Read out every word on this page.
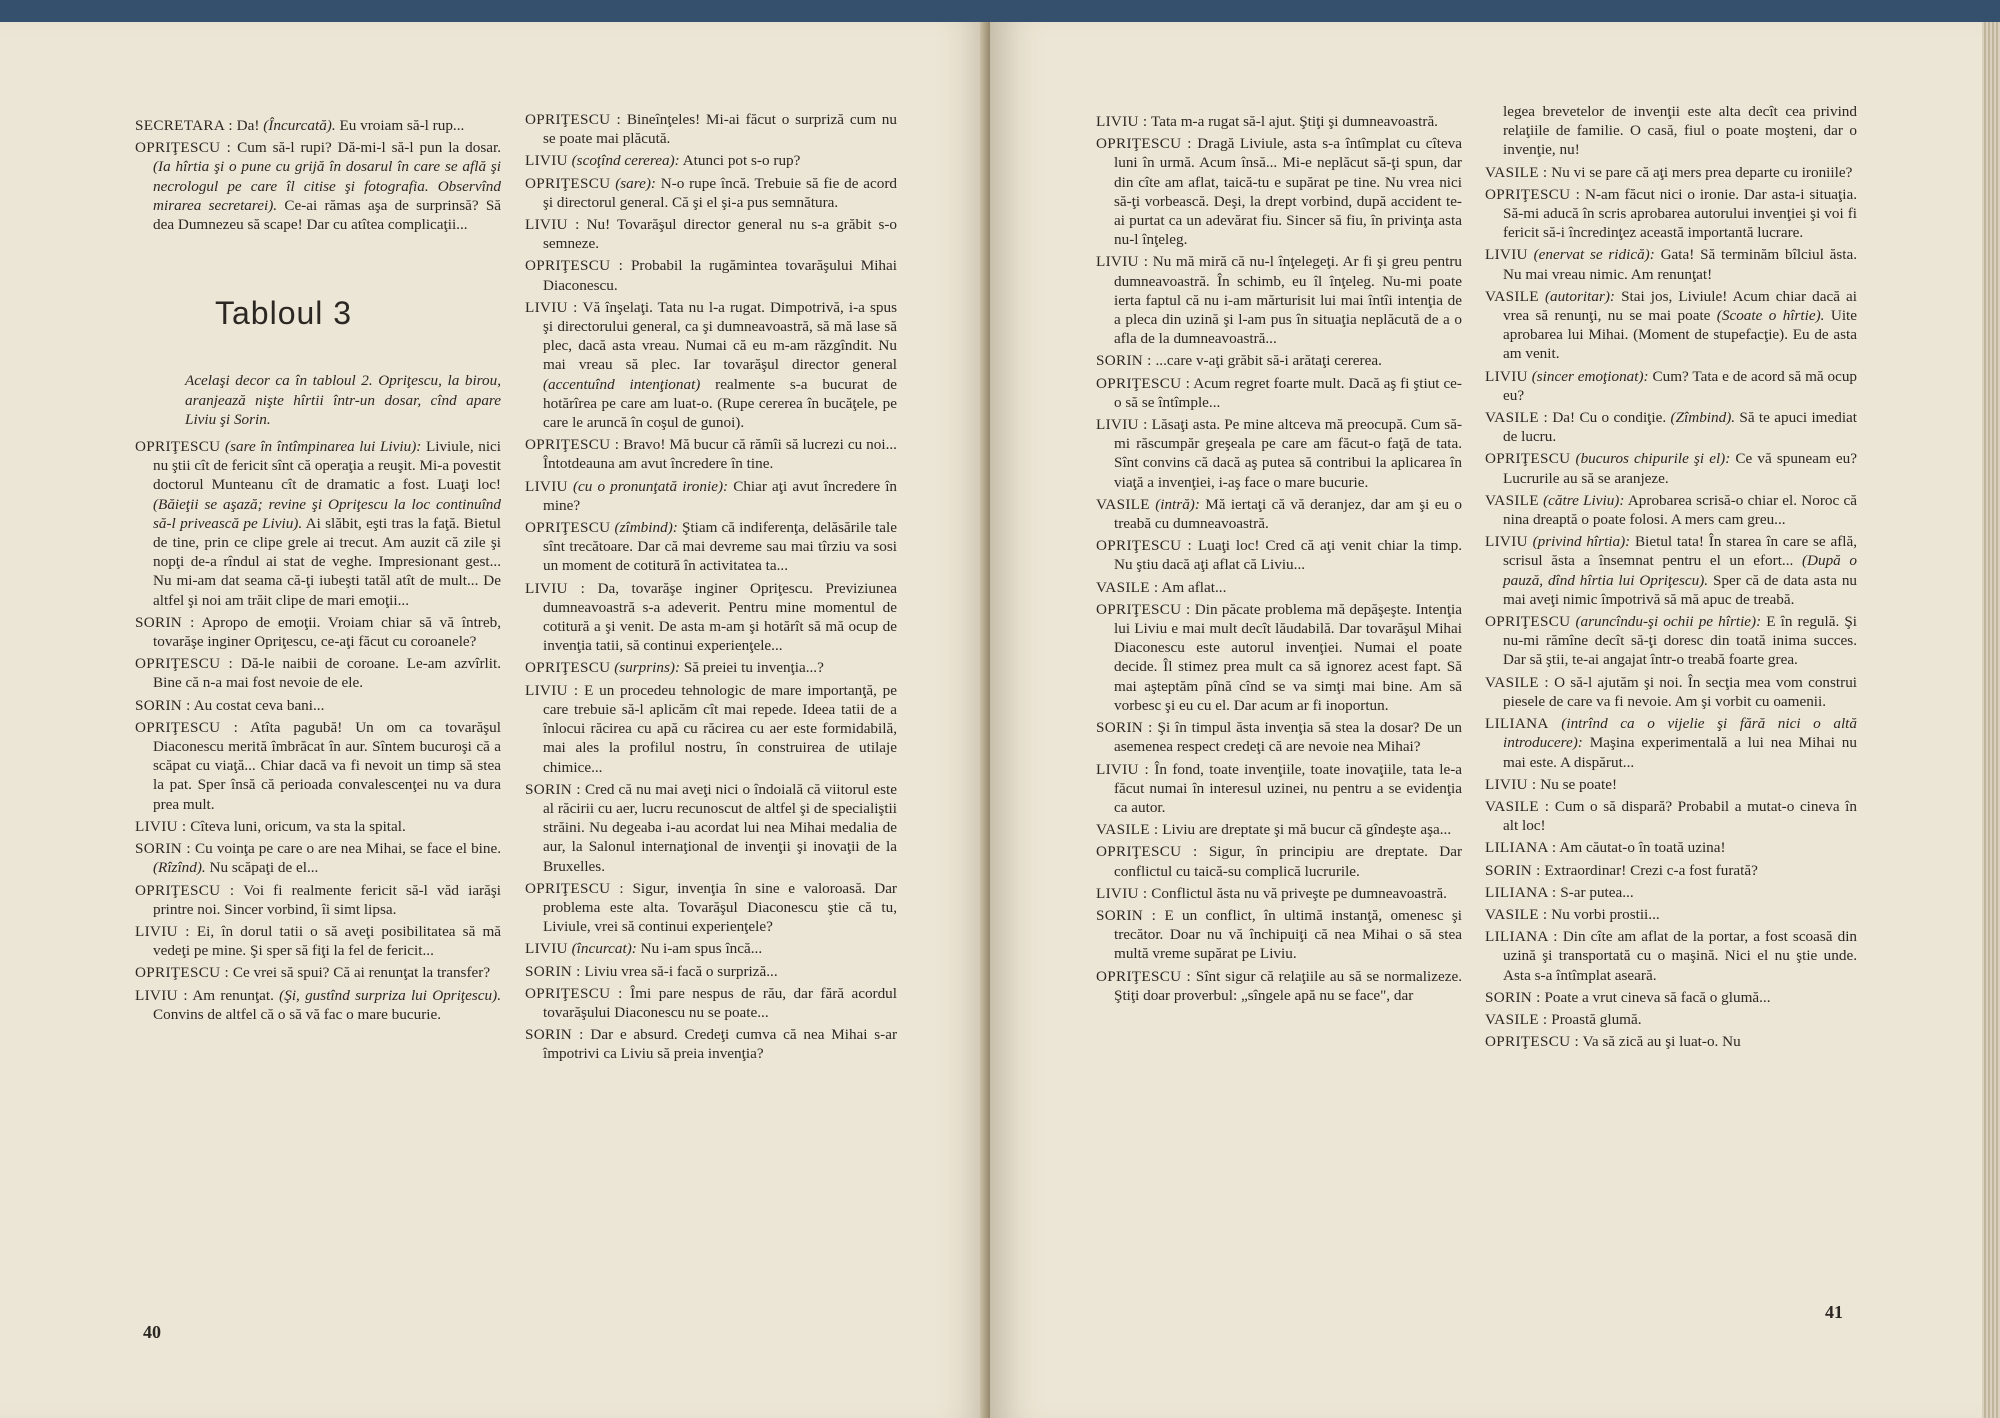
SECRETARA : Da! (Încurcată). Eu vroiam să-l rup...

OPRIŢESCU : Cum să-l rupi? Dă-mi-l să-l pun la dosar. (Ia hîrtia şi o pune cu grijă în dosarul în care se află şi necrologul pe care îl citise şi fotografia. Observînd mirarea secretarei). Ce-ai rămas aşa de surprinsă? Să dea Dumnezeu să scape! Dar cu atîtea complicaţii...

Tabloul 3

Acelaşi decor ca în tabloul 2. Opriţescu, la birou, aranjează nişte hîrtii într-un dosar, cînd apare Liviu şi Sorin.

OPRIŢESCU (sare în întîmpinarea lui Liviu): Liviule, nici nu ştii cît de fericit sînt că operaţia a reuşit. Mi-a povestit doctorul Munteanu cît de dramatic a fost. Luaţi loc! (Băieţii se aşază; revine şi Opriţescu la loc continuînd să-l privească pe Liviu). Ai slăbit, eşti tras la faţă. Bietul de tine, prin ce clipe grele ai trecut. Am auzit că zile şi nopţi de-a rîndul ai stat de veghe. Impresionant gest... Nu mi-am dat seama că-ţi iubeşti tatăl atît de mult... De altfel şi noi am trăit clipe de mari emoţii...

SORIN : Apropo de emoţii. Vroiam chiar să vă întreb, tovarăşe inginer Opriţescu, ce-aţi făcut cu coroanele?

OPRIŢESCU : Dă-le naibii de coroane. Le-am azvîrlit. Bine că n-a mai fost nevoie de ele.

SORIN : Au costat ceva bani...

OPRIŢESCU : Atîta pagubă! Un om ca tovarăşul Diaconescu merită îmbrăcat în aur. Sîntem bucuroşi că a scăpat cu viaţă... Chiar dacă va fi nevoit un timp să stea la pat. Sper însă că perioada convalescenţei nu va dura prea mult.

LIVIU : Cîteva luni, oricum, va sta la spital.

SORIN : Cu voinţa pe care o are nea Mihai, se face el bine. (Rîzînd). Nu scăpaţi de el...

OPRIŢESCU : Voi fi realmente fericit să-l văd iarăşi printre noi. Sincer vorbind, îi simt lipsa.

LIVIU : Ei, în dorul tatii o să aveţi posibilitatea să mă vedeţi pe mine. Şi sper să fiţi la fel de fericit...

OPRIŢESCU : Ce vrei să spui? Că ai renunţat la transfer?

LIVIU : Am renunţat. (Şi, gustînd surpriza lui Opriţescu). Convins de altfel că o să vă fac o mare bucurie.

OPRIŢESCU : Bineînţeles! Mi-ai făcut o surpriză cum nu se poate mai plăcută.

LIVIU (scoţînd cererea): Atunci pot s-o rup?

OPRIŢESCU (sare): N-o rupe încă. Trebuie să fie de acord şi directorul general. Că şi el şi-a pus semnătura.

LIVIU : Nu! Tovarăşul director general nu s-a grăbit s-o semneze.

OPRIŢESCU : Probabil la rugămintea tovarăşului Mihai Diaconescu.

LIVIU : Vă înşelaţi. Tata nu l-a rugat. Dimpotrivă, i-a spus şi directorului general, ca şi dumneavoastră, să mă lase să plec, dacă asta vreau. Numai că eu m-am răzgîndit. Nu mai vreau să plec. Iar tovarăşul director general (accentuînd intenţionat) realmente s-a bucurat de hotărîrea pe care am luat-o. (Rupe cererea în bucăţele, pe care le aruncă în coşul de gunoi).

OPRIŢESCU : Bravo! Mă bucur că rămîi să lucrezi cu noi... Întotdeauna am avut încredere în tine.

LIVIU (cu o pronunţată ironie): Chiar aţi avut încredere în mine?

OPRIŢESCU (zîmbind): Ştiam că indiferenţa, delăsările tale sînt trecătoare. Dar că mai devreme sau mai tîrziu va sosi un moment de cotitură în activitatea ta...

LIVIU : Da, tovarăşe inginer Opriţescu. Previziunea dumneavoastră s-a adeverit. Pentru mine momentul de cotitură a şi venit. De asta m-am şi hotărît să mă ocup de invenţia tatii, să continui experienţele...

OPRIŢESCU (surprins): Să preiei tu invenţia...?

LIVIU : E un procedeu tehnologic de mare importanţă, pe care trebuie să-l aplicăm cît mai repede. Ideea tatii de a înlocui răcirea cu apă cu răcirea cu aer este formidabilă, mai ales la profilul nostru, în construirea de utilaje chimice...

SORIN : Cred că nu mai aveţi nici o îndoială că viitorul este al răcirii cu aer, lucru recunoscut de altfel şi de specialiştii străini. Nu degeaba i-au acordat lui nea Mihai medalia de aur, la Salonul internaţional de invenţii şi inovaţii de la Bruxelles.

OPRIŢESCU : Sigur, invenţia în sine e valoroasă. Dar problema este alta. Tovarăşul Diaconescu ştie că tu, Liviule, vrei să continui experienţele?

LIVIU (încurcat): Nu i-am spus încă...

SORIN : Liviu vrea să-i facă o surpriză...

OPRIŢESCU : Îmi pare nespus de rău, dar fără acordul tovarăşului Diaconescu nu se poate...

SORIN : Dar e absurd. Credeţi cumva că nea Mihai s-ar împotrivi ca Liviu să preia invenţia?

40

LIVIU : Tata m-a rugat să-l ajut. Ştiţi şi dumneavoastră.

OPRIŢESCU : Dragă Liviule, asta s-a întîmplat cu cîteva luni în urmă. Acum însă... Mi-e neplăcut să-ţi spun, dar din cîte am aflat, taică-tu e supărat pe tine. Nu vrea nici să-ţi vorbească. Deşi, la drept vorbind, după accident te-ai purtat ca un adevărat fiu. Sincer să fiu, în privinţa asta nu-l înţeleg.

LIVIU : Nu mă miră că nu-l înţelegeţi. Ar fi şi greu pentru dumneavoastră. În schimb, eu îl înţeleg. Nu-mi poate ierta faptul că nu i-am mărturisit lui mai întîi intenţia de a pleca din uzină şi l-am pus în situaţia neplăcută de a o afla de la dumneavoastră...

SORIN : ...care v-aţi grăbit să-i arătaţi cererea.

OPRIŢESCU : Acum regret foarte mult. Dacă aş fi ştiut ce-o să se întîmple...

LIVIU : Lăsaţi asta. Pe mine altceva mă preocupă. Cum să-mi răscumpăr greşeala pe care am făcut-o faţă de tata. Sînt convins că dacă aş putea să contribui la aplicarea în viaţă a invenţiei, i-aş face o mare bucurie.

VASILE (intră): Mă iertaţi că vă deranjez, dar am şi eu o treabă cu dumneavoastră.

OPRIŢESCU : Luaţi loc! Cred că aţi venit chiar la timp. Nu ştiu dacă aţi aflat că Liviu...

VASILE : Am aflat...

OPRIŢESCU : Din păcate problema mă depăşeşte. Intenţia lui Liviu e mai mult decît lăudabilă. Dar tovarăşul Mihai Diaconescu este autorul invenţiei. Numai el poate decide. Îl stimez prea mult ca să ignorez acest fapt. Să mai aşteptăm pînă cînd se va simţi mai bine. Am să vorbesc şi eu cu el. Dar acum ar fi inoportun.

SORIN : Şi în timpul ăsta invenţia să stea la dosar? De un asemenea respect credeţi că are nevoie nea Mihai?

LIVIU : În fond, toate invenţiile, toate inovaţiile, tata le-a făcut numai în interesul uzinei, nu pentru a se evidenţia ca autor.

VASILE : Liviu are dreptate şi mă bucur că gîndeşte aşa...

OPRIŢESCU : Sigur, în principiu are dreptate. Dar conflictul cu taică-su complică lucrurile.

LIVIU : Conflictul ăsta nu vă priveşte pe dumneavoastră.

SORIN : E un conflict, în ultimă instanţă, omenesc şi trecător. Doar nu vă închipuiţi că nea Mihai o să stea multă vreme supărat pe Liviu.

OPRIŢESCU : Sînt sigur că relaţiile au să se normalizeze. Ştiţi doar proverbul: „sîngele apă nu se face", dar

legea brevetelor de invenţii este alta decît cea privind relaţiile de familie. O casă, fiul o poate moşteni, dar o invenţie, nu!

VASILE : Nu vi se pare că aţi mers prea departe cu ironiile?

OPRIŢESCU : N-am făcut nici o ironie. Dar asta-i situaţia. Să-mi aducă în scris aprobarea autorului invenţiei şi voi fi fericit să-i încredinţez această importantă lucrare.

LIVIU (enervat se ridică): Gata! Să terminăm bîlciul ăsta. Nu mai vreau nimic. Am renunţat!

VASILE (autoritar): Stai jos, Liviule! Acum chiar dacă ai vrea să renunţi, nu se mai poate (Scoate o hîrtie). Uite aprobarea lui Mihai. (Moment de stupefacţie). Eu de asta am venit.

LIVIU (sincer emoţionat): Cum? Tata e de acord să mă ocup eu?

VASILE : Da! Cu o condiţie. (Zîmbind). Să te apuci imediat de lucru.

OPRIŢESCU (bucuros chipurile şi el): Ce vă spuneam eu? Lucrurile au să se aranjeze.

VASILE (către Liviu): Aprobarea scrisă-o chiar el. Noroc că nina dreaptă o poate folosi. A mers cam greu...

LIVIU (privind hîrtia): Bietul tata! În starea în care se află, scrisul ăsta a însemnat pentru el un efort... (După o pauză, dînd hîrtia lui Opriţescu). Sper că de data asta nu mai aveţi nimic împotrivă să mă apuc de treabă.

OPRIŢESCU (aruncîndu-şi ochii pe hîrtie): E în regulă. Şi nu-mi rămîne decît să-ţi doresc din toată inima succes. Dar să ştii, te-ai angajat într-o treabă foarte grea.

VASILE : O să-l ajutăm şi noi. În secţia mea vom construi piesele de care va fi nevoie. Am şi vorbit cu oamenii.

LILIANA (intrînd ca o vijelie şi fără nici o altă introducere): Maşina experimentală a lui nea Mihai nu mai este. A dispărut...

LIVIU : Nu se poate!

VASILE : Cum o să dispară? Probabil a mutat-o cineva în alt loc!

LILIANA : Am căutat-o în toată uzina!

SORIN : Extraordinar! Crezi c-a fost furată?

LILIANA : S-ar putea...

VASILE : Nu vorbi prostii...

LILIANA : Din cîte am aflat de la portar, a fost scoasă din uzină şi transportată cu o maşină. Nici el nu ştie unde. Asta s-a întîmplat aseară.

SORIN : Poate a vrut cineva să facă o glumă...

VASILE : Proastă glumă.

OPRIŢESCU : Va să zică au şi luat-o. Nu

41
